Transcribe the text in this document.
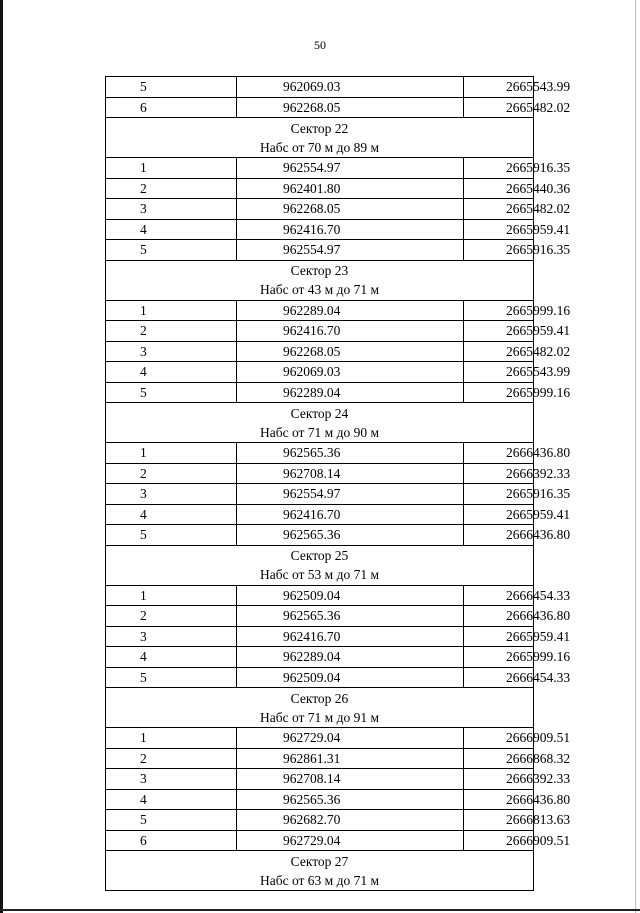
50
5	962069.03	2665543.99
6	962268.05	2665482.02

Сектор 22
Набс от 70 м до 89 м		

1	962554.97	2665916.35
2	962401.80	2665440.36
3	962268.05	2665482.02
4	962416.70	2665959.41
5	962554.97	2665916.35

Сектор 23
Набс от 43 м до 71 м		

1	962289.04	2665999.16
2	962416.70	2665959.41
3	962268.05	2665482.02
4	962069.03	2665543.99
5	962289.04	2665999.16

Сектор 24
Набс от 71 м до 90 м		

1	962565.36	2666436.80
2	962708.14	2666392.33
3	962554.97	2665916.35
4	962416.70	2665959.41
5	962565.36	2666436.80

Сектор 25
Набс от 53 м до 71 м		

1	962509.04	2666454.33
2	962565.36	2666436.80
3	962416.70	2665959.41
4	962289.04	2665999.16
5	962509.04	2666454.33

Сектор 26
Набс от 71 м до 91 м		

1	962729.04	2666909.51
2	962861.31	2666868.32
3	962708.14	2666392.33
4	962565.36	2666436.80
5	962682.70	2666813.63
6	962729.04	2666909.51

Сектор 27
Набс от 63 м до 71 м		
